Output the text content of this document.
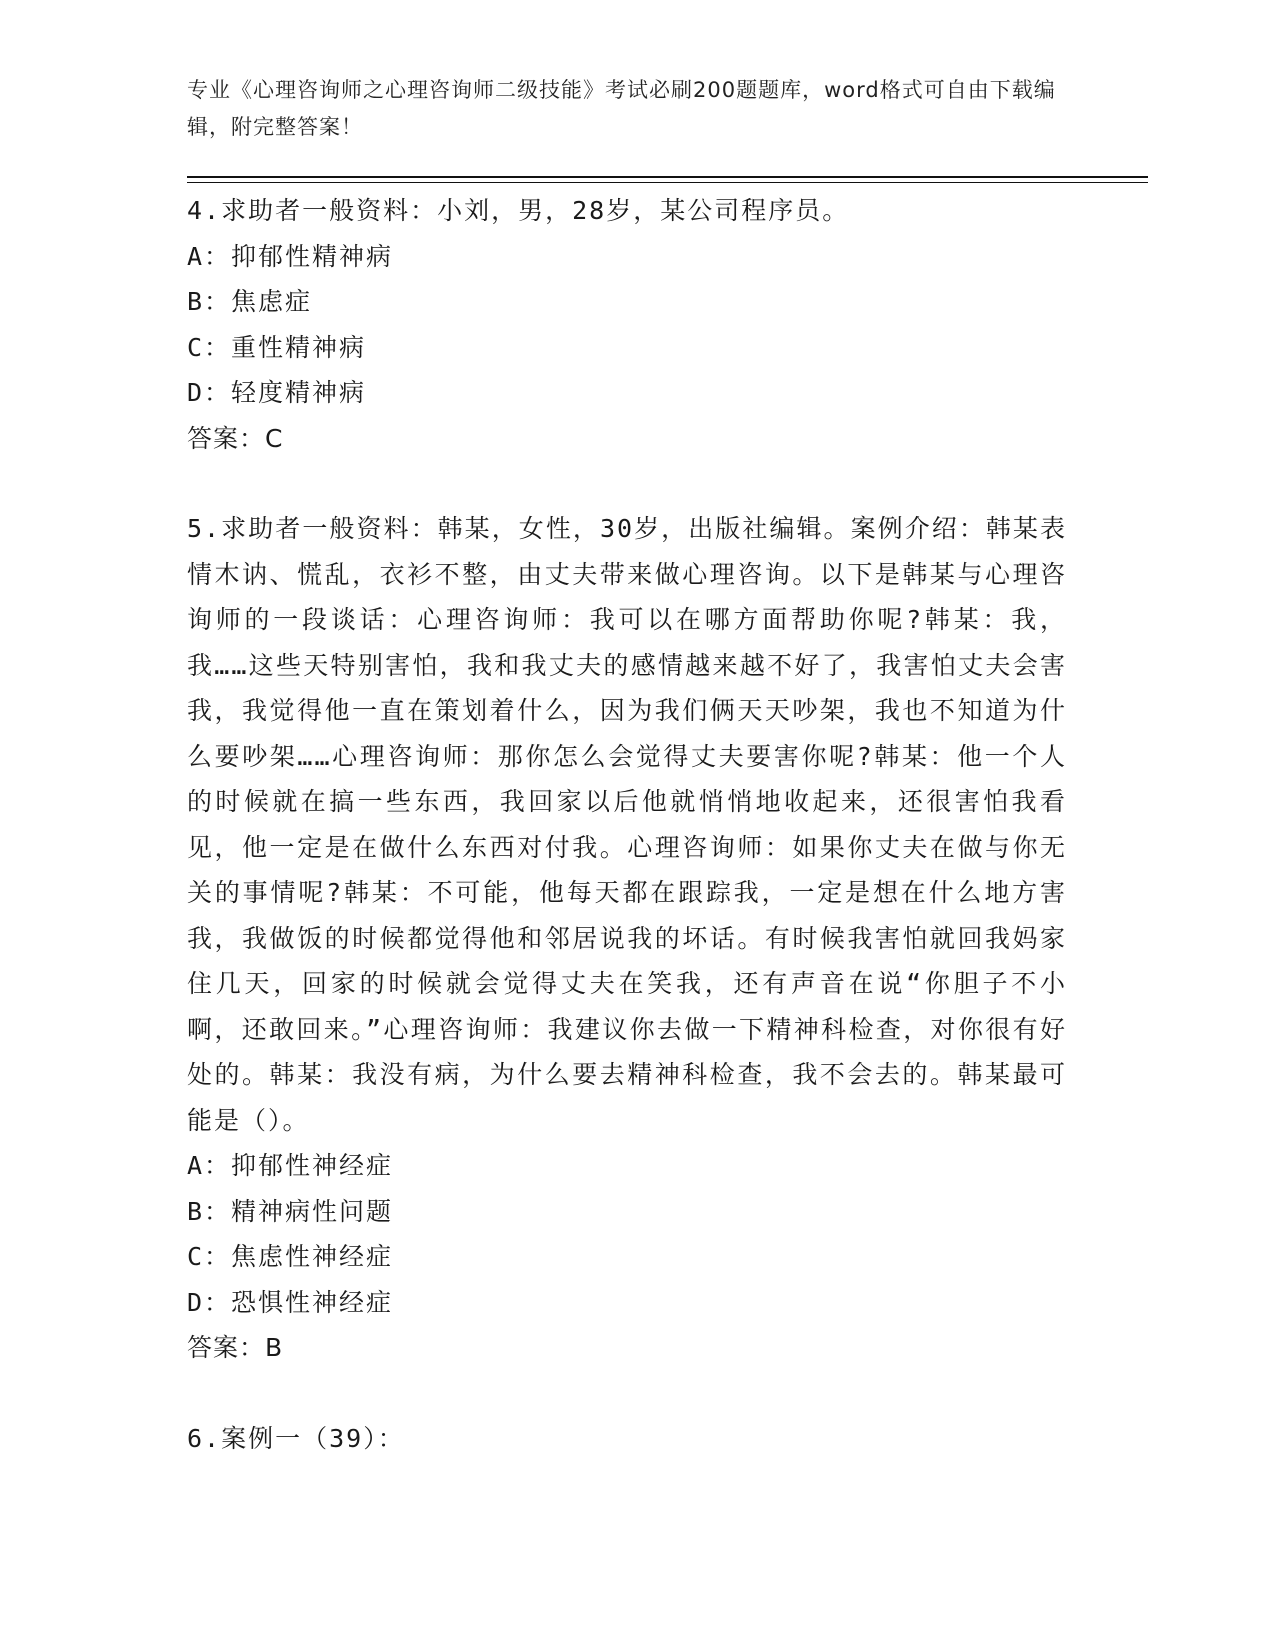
专业《心理咨询师之心理咨询师二级技能》考试必刷200题题库，word格式可自由下载编辑，附完整答案！
4.求助者一般资料：小刘，男，28岁，某公司程序员。
A：抑郁性精神病
B：焦虑症
C：重性精神病
D：轻度精神病
答案：C
5.求助者一般资料：韩某，女性，30岁，出版社编辑。案例介绍：韩某表情木讷、慌乱，衣衫不整，由丈夫带来做心理咨询。以下是韩某与心理咨询师的一段谈话：心理咨询师：我可以在哪方面帮助你呢?韩某：我，我……这些天特别害怕，我和我丈夫的感情越来越不好了，我害怕丈夫会害我，我觉得他一直在策划着什么，因为我们俩天天吵架，我也不知道为什么要吵架……心理咨询师：那你怎么会觉得丈夫要害你呢?韩某：他一个人的时候就在搞一些东西，我回家以后他就悄悄地收起来，还很害怕我看见，他一定是在做什么东西对付我。心理咨询师：如果你丈夫在做与你无关的事情呢?韩某：不可能，他每天都在跟踪我，一定是想在什么地方害我，我做饭的时候都觉得他和邻居说我的坏话。有时候我害怕就回我妈家住几天，回家的时候就会觉得丈夫在笑我，还有声音在说“你胆子不小啊，还敢回来。”心理咨询师：我建议你去做一下精神科检查，对你很有好处的。韩某：我没有病，为什么要去精神科检查，我不会去的。韩某最可能是（）。
A：抑郁性神经症
B：精神病性问题
C：焦虑性神经症
D：恐惧性神经症
答案：B
6.案例一（39）：
